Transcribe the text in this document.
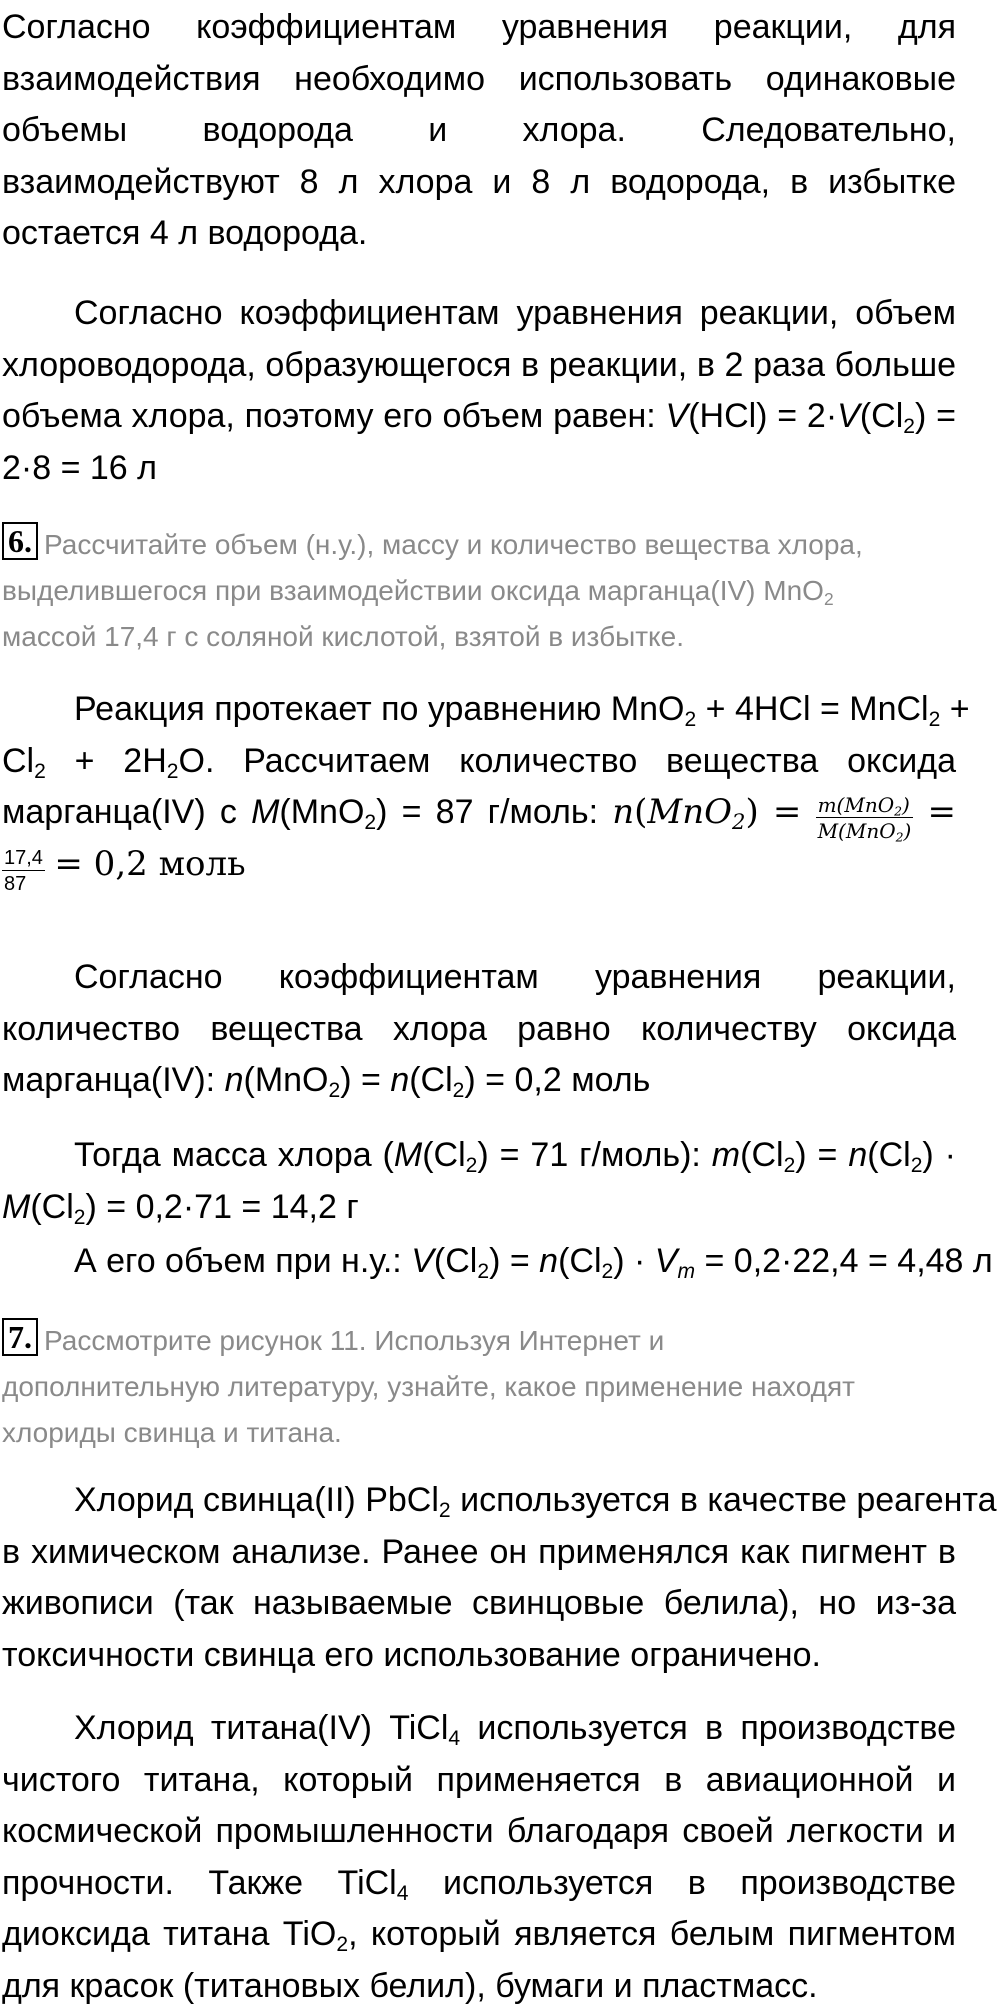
Согласно коэффициентам уравнения реакции, для
взаимодействия необходимо использовать одинаковые
объемы водорода и хлора. Следовательно,
взаимодействуют 8 л хлора и 8 л водорода, в избытке
остается 4 л водорода.
Согласно коэффициентам уравнения реакции, объем
хлороводорода, образующегося в реакции, в 2 раза больше
объема хлора, поэтому его объем равен: $V(HCl) = 2\cdot V(Cl_2)$ =
2·8 = 16 л
6. Рассчитайте объем (н.у.), массу и количество вещества хлора,
выделившегося при взаимодействии оксида марганца(IV) MnO$_2$
массой 17,4 г с соляной кислотой, взятой в избытке.
Реакция протекает по уравнению MnO$_2$ + 4HCl = MnCl$_2$ +
$Cl_2 + 2H_2O$. Рассчитаем количество вещества оксида
марганца(IV) с M(MnO$_2$) = 87 г/моль: $n(MnO_2) = \frac{m(MnO_2)}{M(MnO_2)}$ =
$\frac{17,4}{87} = 0,2$ моль
Согласно коэффициентам уравнения реакции,
количество вещества хлора равно количеству оксида
марганца(IV): $n(MnO_2) = n(Cl_2) = 0,2$ моль
Тогда масса хлора ($M(Cl_2) = 71$ г/моль): $m(Cl_2) = n(Cl_2)$ ·
$M(Cl_2) = 0,2\cdot 71 = 14,2$ г
А его объем при н.у.: $V(Cl_2) = n(Cl_2) \cdot V_m = 0,2\cdot 22,4 = 4,48$ л
7. Рассмотрите рисунок 11. Используя Интернет и
дополнительную литературу, узнайте, какое применение находят
хлориды свинца и титана.
Хлорид свинца(II) PbCl$_2$ используется в качестве реагента
в химическом анализе. Ранее он применялся как пигмент в
живописи (так называемые свинцовые белила), но из-за
токсичности свинца его использование ограничено.
Хлорид титана(IV) TiCl$_4$ используется в производстве
чистого титана, который применяется в авиационной и
космической промышленности благодаря своей легкости и
прочности. Также TiCl$_4$ используется в производстве
диоксида титана TiO$_2$, который является белым пигментом
для красок (титановых белил), бумаги и пластмасс.
